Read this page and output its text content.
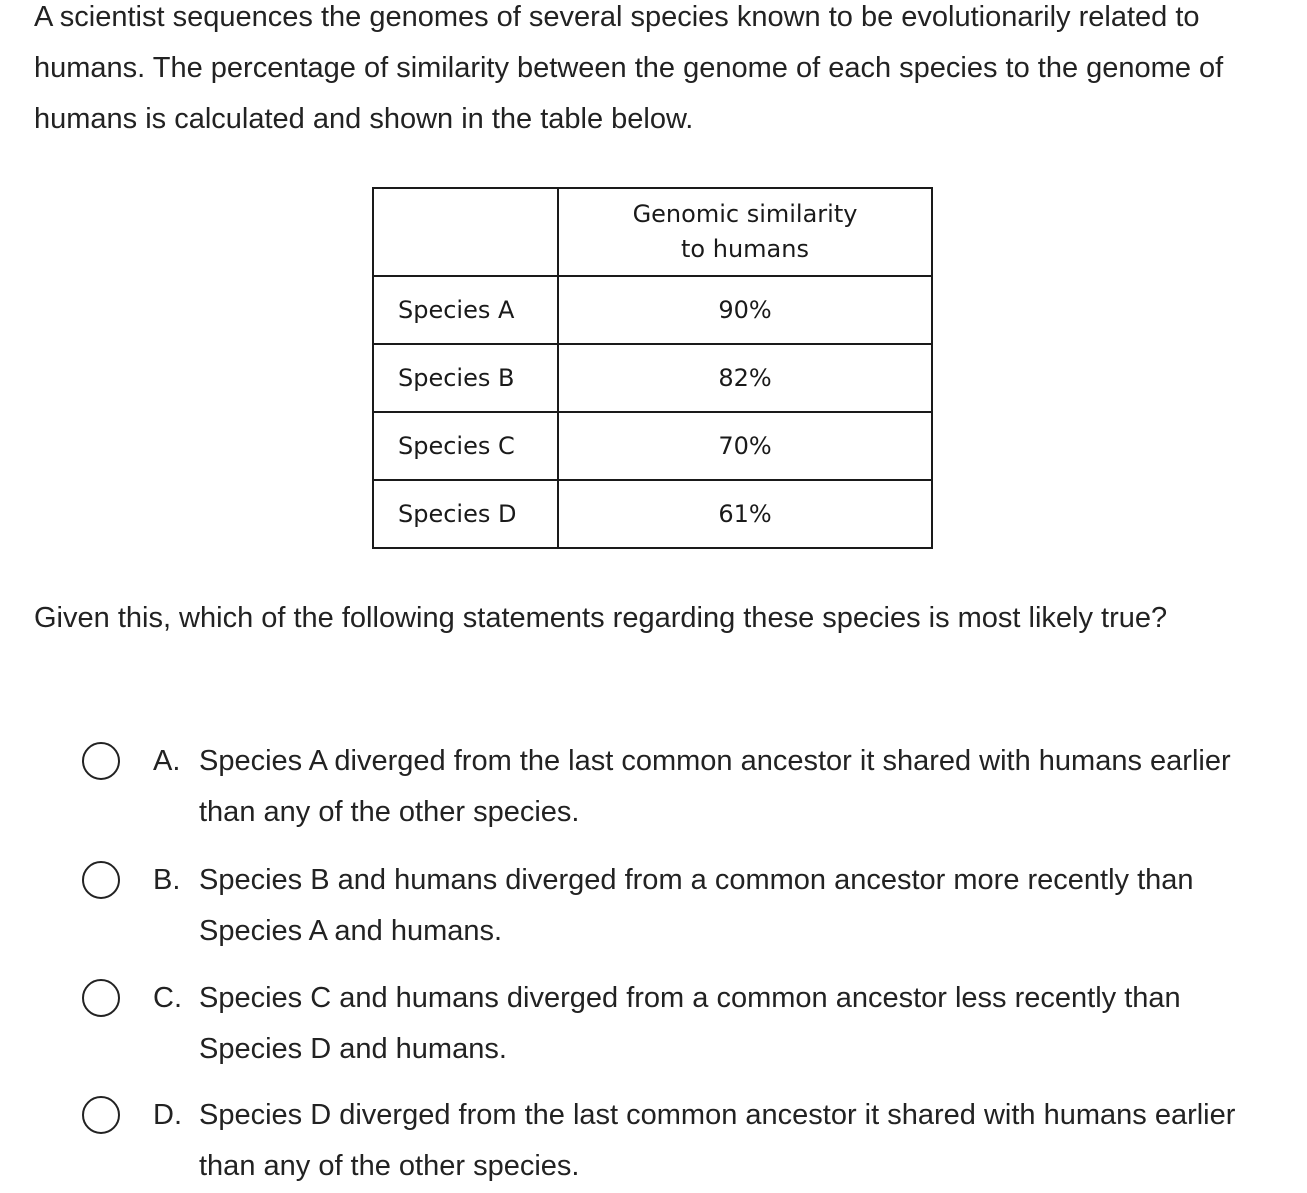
A scientist sequences the genomes of several species known to be evolutionarily related to humans. The percentage of similarity between the genome of each species to the genome of humans is calculated and shown in the table below.

	Genomic similarity
to humans

Species A	90%
Species B	82%
Species C	70%
Species D	61%

Given this, which of the following statements regarding these species is most likely true?

A. Species A diverged from the last common ancestor it shared with humans earlier than any of the other species.
B. Species B and humans diverged from a common ancestor more recently than Species A and humans.
C. Species C and humans diverged from a common ancestor less recently than Species D and humans.
D. Species D diverged from the last common ancestor it shared with humans earlier than any of the other species.
